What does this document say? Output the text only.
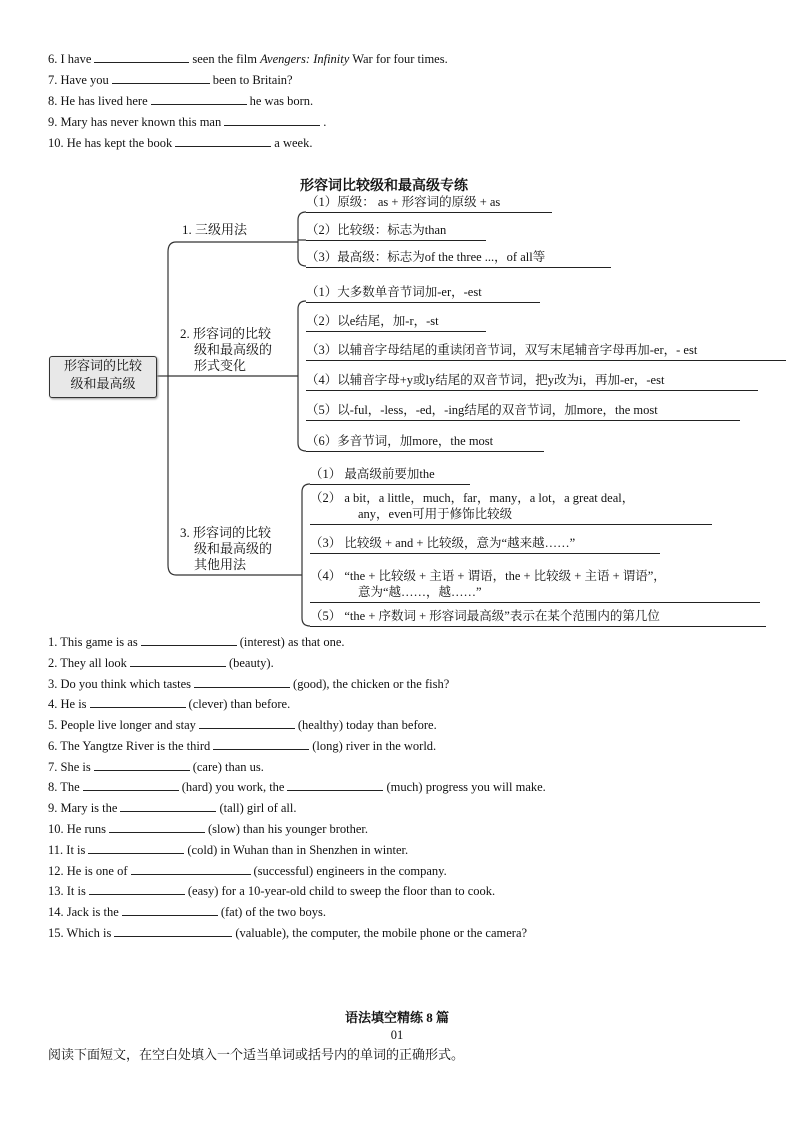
6. I have	seen the film Avengers: Infinity War for four times.
7. Have you	been to Britain?
8. He has lived here	he was born.
9. Mary has never known this man	.
10. He has kept the book	a week.
形容词比较级和最高级专练
形容词的比较
级和最高级
1. 三级用法
（1）原级： as + 形容词的原级 + as
（2）比较级：标志为than
（3）最高级：标志为of the three ...，of all等
2. 形容词的比较
级和最高级的
形式变化
（1）大多数单音节词加-er，-est
（2）以e结尾，加-r，-st
（3）以辅音字母结尾的重读闭音节词，双写末尾辅音字母再加-er，- est
（4）以辅音字母+y或ly结尾的双音节词，把y改为i，再加-er，-est
（5）以-ful，-less，-ed，-ing结尾的双音节词，加more，the most
（6）多音节词，加more，the most
3. 形容词的比较
级和最高级的
其他用法
（1） 最高级前要加the
（2） a bit，a little，much，far，many，a lot，a great deal，
any，even可用于修饰比较级
（3） 比较级 + and + 比较级，意为“越来越……”
（4） “the + 比较级 + 主语 + 谓语，the + 比较级 + 主语 + 谓语”，
意为“越……，越……”
（5） “the + 序数词 + 形容词最高级”表示在某个范围内的第几位
1. This game is as	(interest) as that one.
2. They all look	(beauty).
3. Do you think which tastes	(good), the chicken or the fish?
4. He is	(clever) than before.
5. People live longer and stay	(healthy) today than before.
6. The Yangtze River is the third	(long) river in the world.
7. She is	(care) than us.
8. The	(hard) you work, the	(much) progress you will make.
9. Mary is the	(tall) girl of all.
10. He runs	(slow) than his younger brother.
11. It is	(cold) in Wuhan than in Shenzhen in winter.
12. He is one of	(successful) engineers in the company.
13. It is	(easy) for a 10-year-old child to sweep the floor than to cook.
14. Jack is the	(fat) of the two boys.
15. Which is	(valuable), the computer, the mobile phone or the camera?
语法填空精练 8 篇
01
阅读下面短文，在空白处填入一个适当单词或括号内的单词的正确形式。
